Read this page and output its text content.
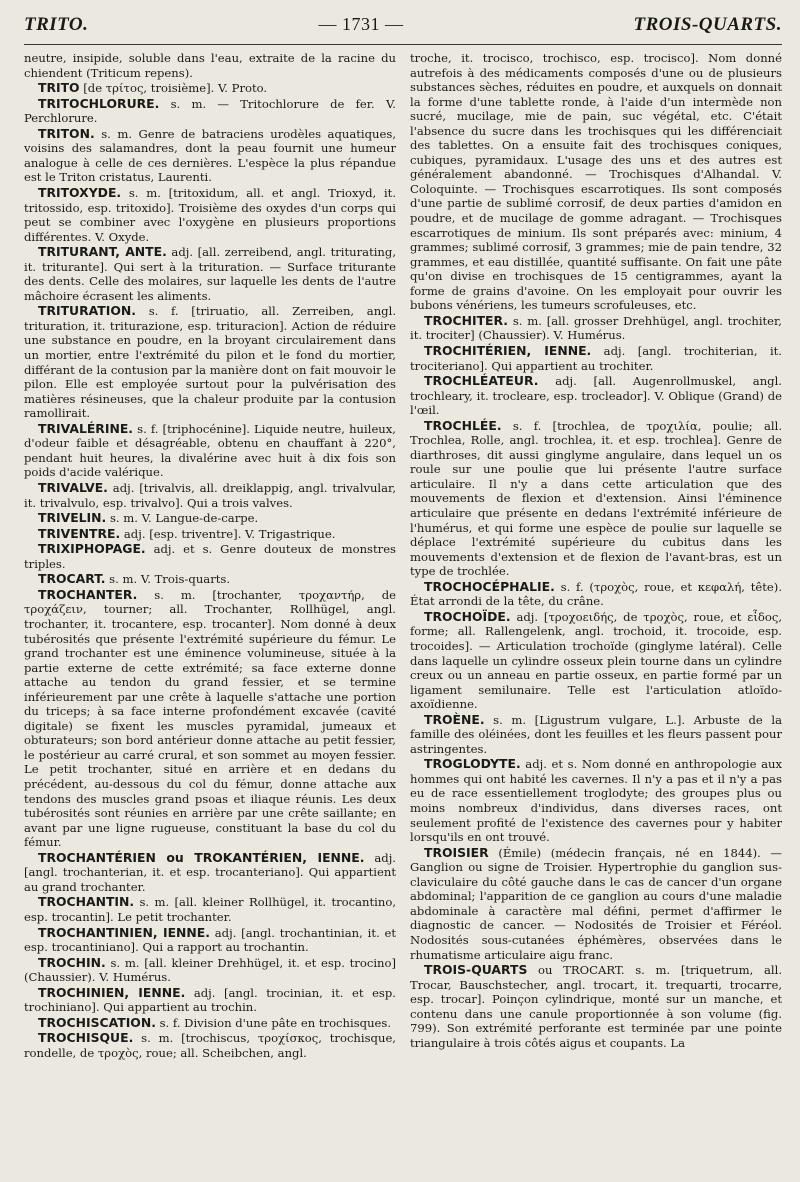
TRITO.	— 1731 —	TROIS-QUARTS.

neutre, insipide, soluble dans l'eau, extraite de la racine du chiendent (Triticum repens).

TRITO [de τρίτος, troisième]. V. Proto.

TRITOCHLORURE. s. m. — Tritochlorure de fer. V. Perchlorure.

TRITON. s. m. Genre de batraciens urodèles aquatiques, voisins des salamandres, dont la peau fournit une humeur analogue à celle de ces dernières. L'espèce la plus répandue est le Triton cristatus, Laurenti.

TRITOXYDE. s. m. [tritoxidum, all. et angl. Trioxyd, it. tritossido, esp. tritoxido]. Troisième des oxydes d'un corps qui peut se combiner avec l'oxygène en plusieurs proportions différentes. V. Oxyde.

TRITURANT, ANTE. adj. [all. zerreibend, angl. triturating, it. triturante]. Qui sert à la trituration. — Surface triturante des dents. Celle des molaires, sur laquelle les dents de l'autre mâchoire écrasent les aliments.

TRITURATION. s. f. [triruatio, all. Zerreiben, angl. trituration, it. triturazione, esp. trituracion]. Action de réduire une substance en poudre, en la broyant circulairement dans un mortier, entre l'extrémité du pilon et le fond du mortier, différant de la contusion par la manière dont on fait mouvoir le pilon. Elle est employée surtout pour la pulvérisation des matières résineuses, que la chaleur produite par la contusion ramollirait.

TRIVALÉRINE. s. f. [triphocénine]. Liquide neutre, huileux, d'odeur faible et désagréable, obtenu en chauffant à 220°, pendant huit heures, la divalérine avec huit à dix fois son poids d'acide valérique.

TRIVALVE. adj. [trivalvis, all. dreiklappig, angl. trivalvular, it. trivalvulo, esp. trivalvo]. Qui a trois valves.

TRIVELIN. s. m. V. Langue-de-carpe.

TRIVENTRE. adj. [esp. triventre]. V. Trigastrique.

TRIXIPHOPAGE. adj. et s. Genre douteux de monstres triples.

TROCART. s. m. V. Trois-quarts.

TROCHANTER. s. m. [trochanter, τροχαντήρ, de τροχάζειν, tourner; all. Trochanter, Rollhügel, angl. trochanter, it. trocantere, esp. trocanter]. Nom donné à deux tubérosités que présente l'extrémité supérieure du fémur. Le grand trochanter est une éminence volumineuse, située à la partie externe de cette extrémité; sa face externe donne attache au tendon du grand fessier, et se termine inférieurement par une crête à laquelle s'attache une portion du triceps; à sa face interne profondément excavée (cavité digitale) se fixent les muscles pyramidal, jumeaux et obturateurs; son bord antérieur donne attache au petit fessier, le postérieur au carré crural, et son sommet au moyen fessier. Le petit trochanter, situé en arrière et en dedans du précédent, au-dessous du col du fémur, donne attache aux tendons des muscles grand psoas et iliaque réunis. Les deux tubérosités sont réunies en arrière par une crête saillante; en avant par une ligne rugueuse, constituant la base du col du fémur.

TROCHANTÉRIEN ou TROKANTÉRIEN, IENNE. adj. [angl. trochanterian, it. et esp. trocanteriano]. Qui appartient au grand trochanter.

TROCHANTIN. s. m. [all. kleiner Rollhügel, it. trocantino, esp. trocantin]. Le petit trochanter.

TROCHANTINIEN, IENNE. adj. [angl. trochantinian, it. et esp. trocantiniano]. Qui a rapport au trochantin.

TROCHIN. s. m. [all. kleiner Drehhügel, it. et esp. trocino] (Chaussier). V. Humérus.

TROCHINIEN, IENNE. adj. [angl. trocinian, it. et esp. trochiniano]. Qui appartient au trochin.

TROCHISCATION. s. f. Division d'une pâte en trochisques.

TROCHISQUE. s. m. [trochiscus, τροχίσκος, trochisque, rondelle, de τροχὸς, roue; all. Scheibchen, angl.

troche, it. trocisco, trochisco, esp. trocisco]. Nom donné autrefois à des médicaments composés d'une ou de plusieurs substances sèches, réduites en poudre, et auxquels on donnait la forme d'une tablette ronde, à l'aide d'un intermède non sucré, mucilage, mie de pain, suc végétal, etc. C'était l'absence du sucre dans les trochisques qui les différenciait des tablettes. On a ensuite fait des trochisques coniques, cubiques, pyramidaux. L'usage des uns et des autres est généralement abandonné. — Trochisques d'Alhandal. V. Coloquinte. — Trochisques escarrotiques. Ils sont composés d'une partie de sublimé corrosif, de deux parties d'amidon en poudre, et de mucilage de gomme adragant. — Trochisques escarrotiques de minium. Ils sont préparés avec: minium, 4 grammes; sublimé corrosif, 3 grammes; mie de pain tendre, 32 grammes, et eau distillée, quantité suffisante. On fait une pâte qu'on divise en trochisques de 15 centigrammes, ayant la forme de grains d'avoine. On les employait pour ouvrir les bubons vénériens, les tumeurs scrofuleuses, etc.

TROCHITER. s. m. [all. grosser Drehhügel, angl. trochiter, it. trociter] (Chaussier). V. Humérus.

TROCHITÉRIEN, IENNE. adj. [angl. trochiterian, it. trociteriano]. Qui appartient au trochiter.

TROCHLÉATEUR. adj. [all. Augenrollmuskel, angl. trochleary, it. trocleare, esp. trocleador]. V. Oblique (Grand) de l'œil.

TROCHLÉE. s. f. [trochlea, de τροχιλία, poulie; all. Trochlea, Rolle, angl. trochlea, it. et esp. trochlea]. Genre de diarthroses, dit aussi ginglyme angulaire, dans lequel un os roule sur une poulie que lui présente l'autre surface articulaire. Il n'y a dans cette articulation que des mouvements de flexion et d'extension. Ainsi l'éminence articulaire que présente en dedans l'extrémité inférieure de l'humérus, et qui forme une espèce de poulie sur laquelle se déplace l'extrémité supérieure du cubitus dans les mouvements d'extension et de flexion de l'avant-bras, est un type de trochlée.

TROCHOCÉPHALIE. s. f. (τροχὸς, roue, et κεφαλή, tête). État arrondi de la tête, du crâne.

TROCHOÏDE. adj. [τροχοειδής, de τροχὸς, roue, et εἶδος, forme; all. Rallengelenk, angl. trochoid, it. trocoide, esp. trocoides]. — Articulation trochoïde (ginglyme latéral). Celle dans laquelle un cylindre osseux plein tourne dans un cylindre creux ou un anneau en partie osseux, en partie formé par un ligament semilunaire. Telle est l'articulation atloïdo-axoïdienne.

TROÈNE. s. m. [Ligustrum vulgare, L.]. Arbuste de la famille des oléinées, dont les feuilles et les fleurs passent pour astringentes.

TROGLODYTE. adj. et s. Nom donné en anthropologie aux hommes qui ont habité les cavernes. Il n'y a pas et il n'y a pas eu de race essentiellement troglodyte; des groupes plus ou moins nombreux d'individus, dans diverses races, ont seulement profité de l'existence des cavernes pour y habiter lorsqu'ils en ont trouvé.

TROISIER (Émile) (médecin français, né en 1844). — Ganglion ou signe de Troisier. Hypertrophie du ganglion sus-claviculaire du côté gauche dans le cas de cancer d'un organe abdominal; l'apparition de ce ganglion au cours d'une maladie abdominale à caractère mal défini, permet d'affirmer le diagnostic de cancer. — Nodosités de Troisier et Féréol. Nodosités sous-cutanées éphémères, observées dans le rhumatisme articulaire aigu franc.

TROIS-QUARTS ou TROCART. s. m. [triquetrum, all. Trocar, Bauschstecher, angl. trocart, it. trequarti, trocarre, esp. trocar]. Poinçon cylindrique, monté sur un manche, et contenu dans une canule proportionnée à son volume (fig. 799). Son extrémité perforante est terminée par une pointe triangulaire à trois côtés aigus et coupants. La
